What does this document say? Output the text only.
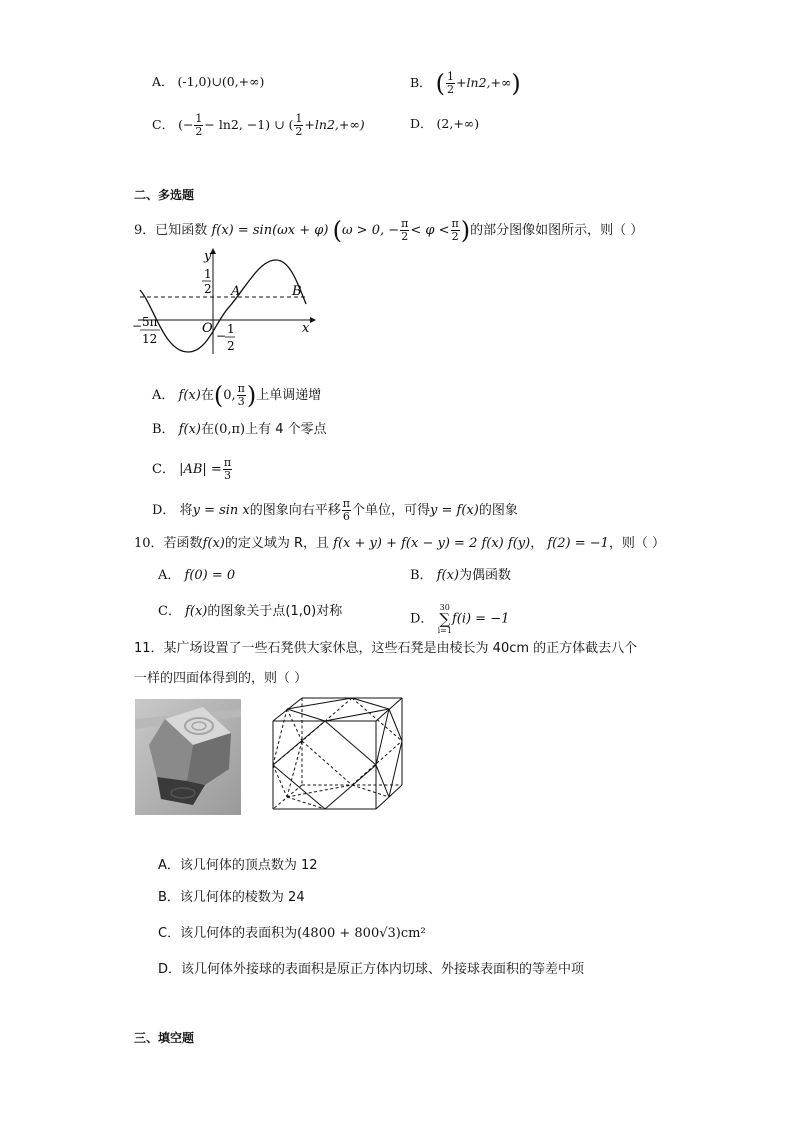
A． (-1,0)∪(0,+∞)	B． ( $\frac{1}{2} +\ln 2,+\infty$)
C． (− $\frac{1}{2} - \ln 2$, −1) ∪ ( $\frac{1}{2} +\ln 2,+\infty$)	D． (2,+∞)
二、多选题
9．已知函数 f(x) = sin(ωx + φ) (ω > 0, − $\frac{\pi}{2} < \varphi < \frac{\pi}{2}$ )的部分图像如图所示，则（ ）
y
x
O
1
2 A	B
− 1
2
− 5π
12
A． f(x)在(0, $\frac{\pi}{3}$ )上单调递增
B． f(x)在(0,π)上有 4 个零点
C． $|AB| = \frac{\pi}{3}$
D． 将y = sin x的图象向右平移 $\frac{\pi}{6}$ 个单位，可得y = f(x)的图象
10．若函数f(x)的定义域为 R，且 f(x + y) + f(x − y) = 2 f(x) f(y)， f(2) = −1，则（ ）
A． f(0) = 0	B． f(x)为偶函数
C． f(x)的图象关于点(1,0)对称	D．
30
∑
i=1
f(i) = −1
11．某广场设置了一些石凳供大家休息，这些石凳是由棱长为 40cm 的正方体截去八个
一样的四面体得到的，则（ ）
A．该几何体的顶点数为 12
B．该几何体的棱数为 24
C．该几何体的表面积为(4800 + 800√3)cm²
D．该几何体外接球的表面积是原正方体内切球、外接球表面积的等差中项
三、填空题
